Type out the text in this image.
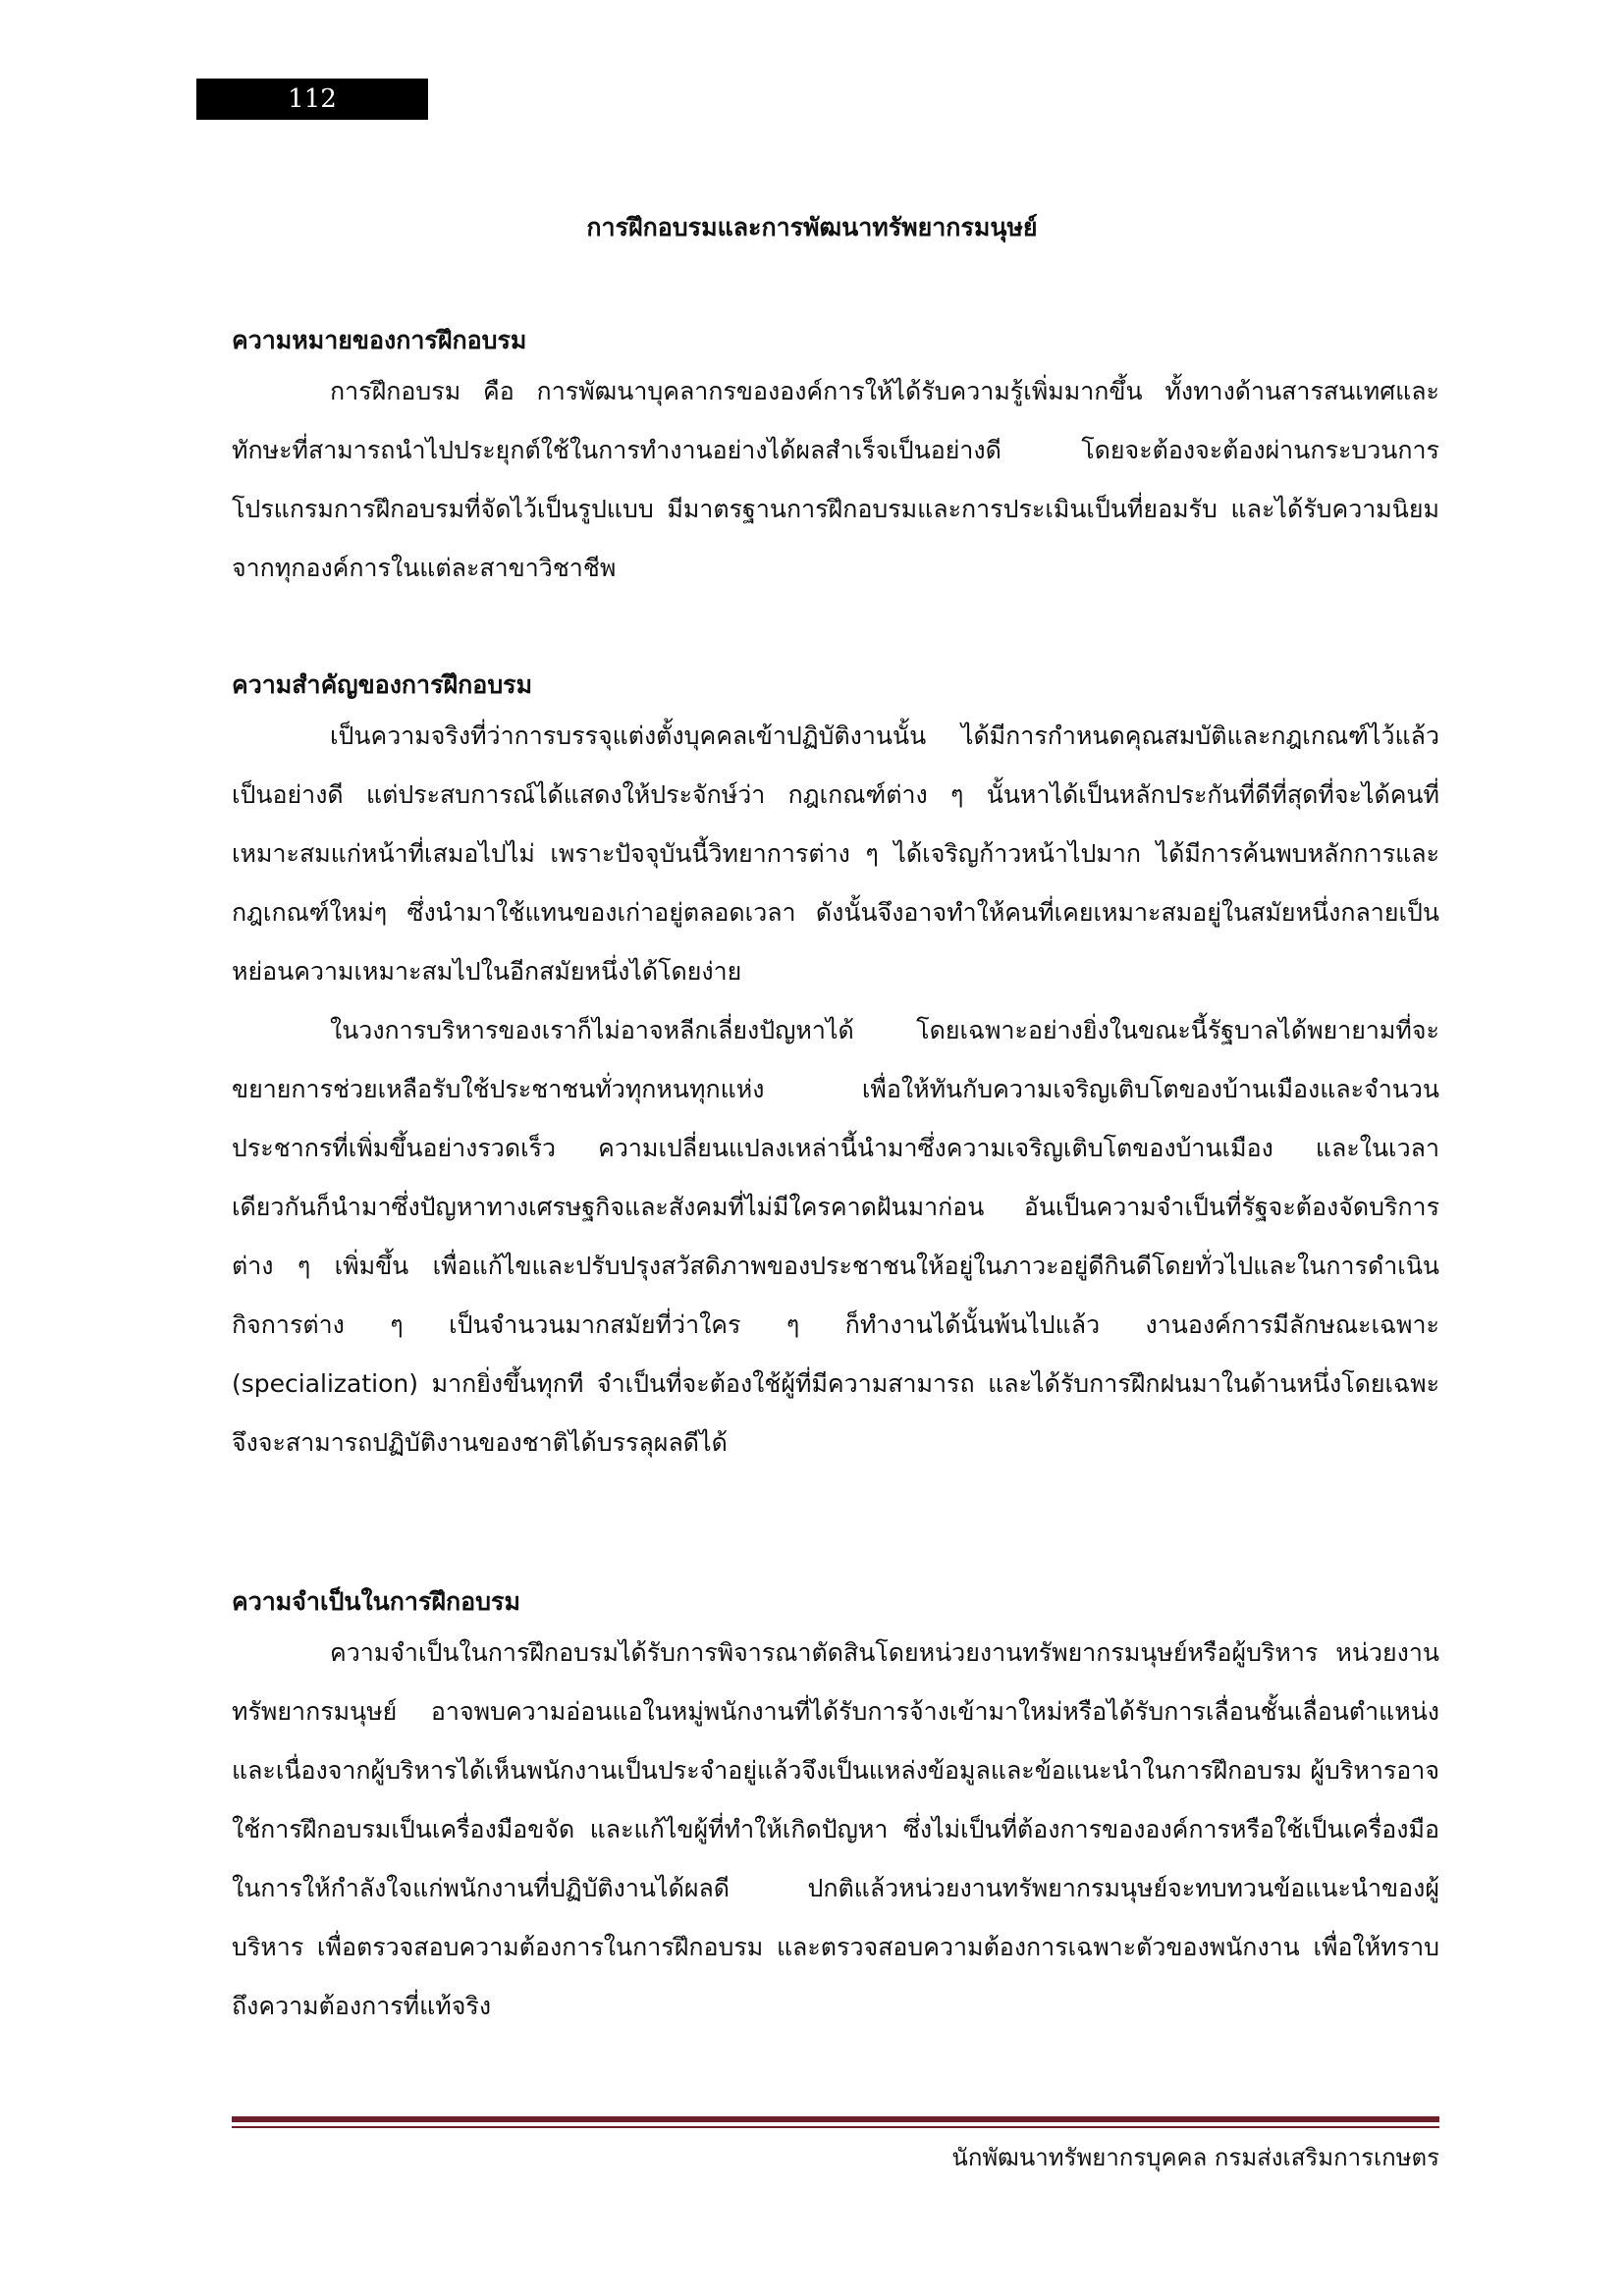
112
การฝึกอบรมและการพัฒนาทรัพยากรมนุษย์
ความหมายของการฝึกอบรม

การฝึกอบรม คือ การพัฒนาบุคลากรขององค์การให้ได้รับความรู้เพิ่มมากขึ้น ทั้งทางด้านสารสนเทศและทักษะที่สามารถนำไปประยุกต์ใช้ในการทำงานอย่างได้ผลสำเร็จเป็นอย่างดี โดยจะต้องจะต้องผ่านกระบวนการโปรแกรมการฝึกอบรมที่จัดไว้เป็นรูปแบบ มีมาตรฐานการฝึกอบรมและการประเมินเป็นที่ยอมรับ และได้รับความนิยมจากทุกองค์การในแต่ละสาขาวิชาชีพ

ความสำคัญของการฝึกอบรม

เป็นความจริงที่ว่าการบรรจุแต่งตั้งบุคคลเข้าปฏิบัติงานนั้น ได้มีการกำหนดคุณสมบัติและกฎเกณฑ์ไว้แล้วเป็นอย่างดี แต่ประสบการณ์ได้แสดงให้ประจักษ์ว่า กฎเกณฑ์ต่าง ๆ นั้นหาได้เป็นหลักประกันที่ดีที่สุดที่จะได้คนที่เหมาะสมแก่หน้าที่เสมอไปไม่ เพราะปัจจุบันนี้วิทยาการต่าง ๆ ได้เจริญก้าวหน้าไปมาก ได้มีการค้นพบหลักการและกฎเกณฑ์ใหม่ๆ ซึ่งนำมาใช้แทนของเก่าอยู่ตลอดเวลา ดังนั้นจึงอาจทำให้คนที่เคยเหมาะสมอยู่ในสมัยหนึ่งกลายเป็นหย่อนความเหมาะสมไปในอีกสมัยหนึ่งได้โดยง่าย

ในวงการบริหารของเราก็ไม่อาจหลีกเลี่ยงปัญหาได้ โดยเฉพาะอย่างยิ่งในขณะนี้รัฐบาลได้พยายามที่จะขยายการช่วยเหลือรับใช้ประชาชนทั่วทุกหนทุกแห่ง เพื่อให้ทันกับความเจริญเติบโตของบ้านเมืองและจำนวนประชากรที่เพิ่มขึ้นอย่างรวดเร็ว ความเปลี่ยนแปลงเหล่านี้นำมาซึ่งความเจริญเติบโตของบ้านเมือง และในเวลาเดียวกันก็นำมาซึ่งปัญหาทางเศรษฐกิจและสังคมที่ไม่มีใครคาดฝันมาก่อน อันเป็นความจำเป็นที่รัฐจะต้องจัดบริการต่าง ๆ เพิ่มขึ้น เพื่อแก้ไขและปรับปรุงสวัสดิภาพของประชาชนให้อยู่ในภาวะอยู่ดีกินดีโดยทั่วไปและในการดำเนินกิจการต่าง ๆ เป็นจำนวนมากสมัยที่ว่าใคร ๆ ก็ทำงานได้นั้นพ้นไปแล้ว งานองค์การมีลักษณะเฉพาะ (specialization) มากยิ่งขึ้นทุกที จำเป็นที่จะต้องใช้ผู้ที่มีความสามารถ และได้รับการฝึกฝนมาในด้านหนึ่งโดยเฉพะจึงจะสามารถปฏิบัติงานของชาติได้บรรลุผลดีได้

ความจำเป็นในการฝึกอบรม

ความจำเป็นในการฝึกอบรมได้รับการพิจารณาตัดสินโดยหน่วยงานทรัพยากรมนุษย์หรือผู้บริหาร หน่วยงานทรัพยากรมนุษย์ อาจพบความอ่อนแอในหมู่พนักงานที่ได้รับการจ้างเข้ามาใหม่หรือได้รับการเลื่อนชั้นเลื่อนตำแหน่ง และเนื่องจากผู้บริหารได้เห็นพนักงานเป็นประจำอยู่แล้วจึงเป็นแหล่งข้อมูลและข้อแนะนำในการฝึกอบรม ผู้บริหารอาจใช้การฝึกอบรมเป็นเครื่องมือขจัด และแก้ไขผู้ที่ทำให้เกิดปัญหา ซึ่งไม่เป็นที่ต้องการขององค์การหรือใช้เป็นเครื่องมือในการให้กำลังใจแก่พนักงานที่ปฏิบัติงานได้ผลดี ปกติแล้วหน่วยงานทรัพยากรมนุษย์จะทบทวนข้อแนะนำของผู้บริหาร เพื่อตรวจสอบความต้องการในการฝึกอบรม และตรวจสอบความต้องการเฉพาะตัวของพนักงาน เพื่อให้ทราบถึงความต้องการที่แท้จริง

นักพัฒนาทรัพยากรบุคคล กรมส่งเสริมการเกษตร
